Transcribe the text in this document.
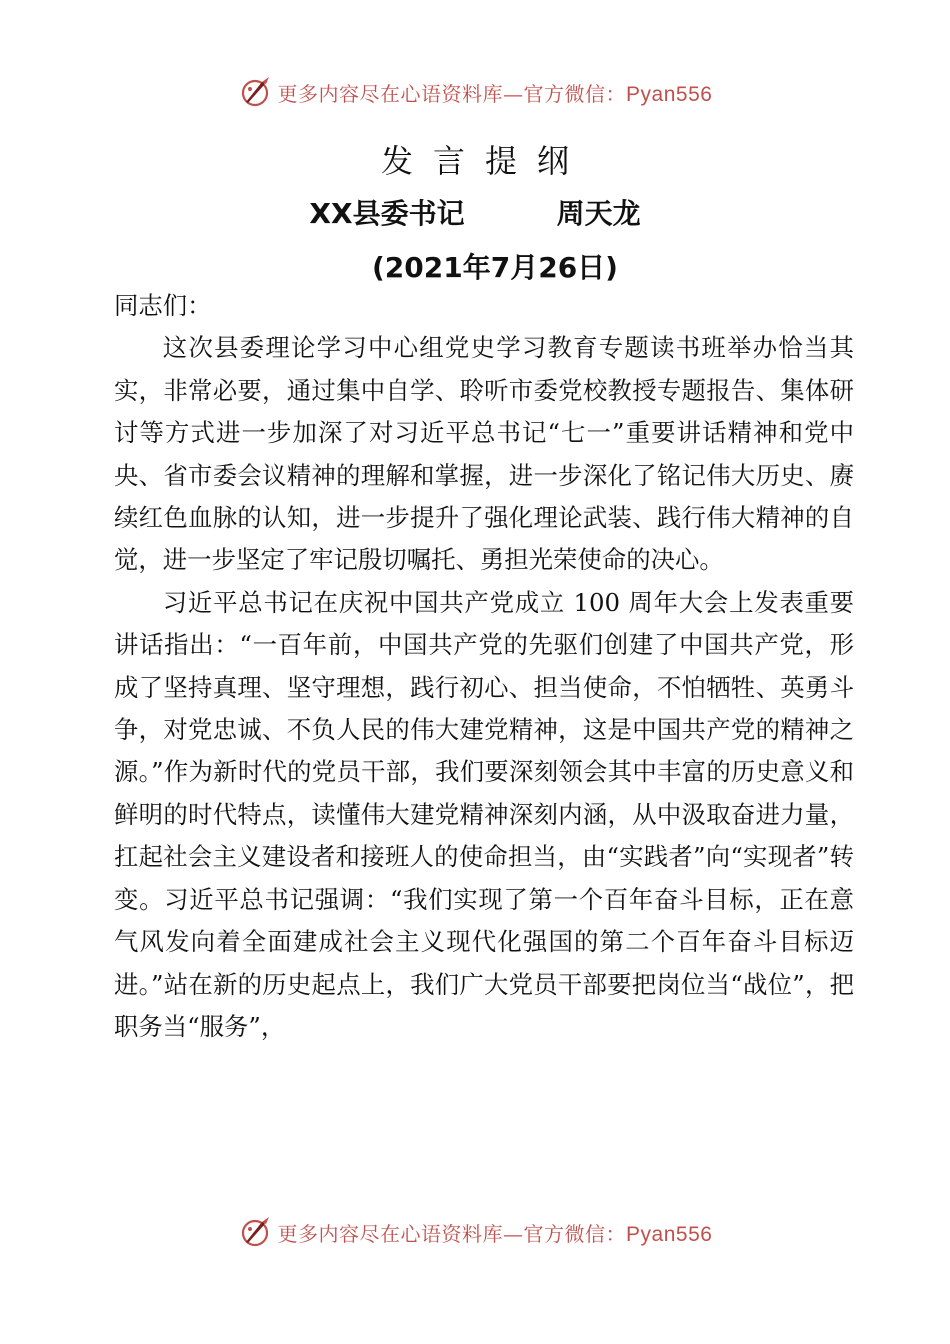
更多内容尽在心语资料库—官方微信：Pyan556
发言提纲
XX县委书记	周天龙
(2021年7月26日)

同志们：

这次县委理论学习中心组党史学习教育专题读书班举办恰当其实，非常必要，通过集中自学、聆听市委党校教授专题报告、集体研讨等方式进一步加深了对习近平总书记“七一”重要讲话精神和党中央、省市委会议精神的理解和掌握，进一步深化了铭记伟大历史、赓续红色血脉的认知，进一步提升了强化理论武装、践行伟大精神的自觉，进一步坚定了牢记殷切嘱托、勇担光荣使命的决心。

习近平总书记在庆祝中国共产党成立 100 周年大会上发表重要讲话指出：“一百年前，中国共产党的先驱们创建了中国共产党，形成了坚持真理、坚守理想，践行初心、担当使命，不怕牺牲、英勇斗争，对党忠诚、不负人民的伟大建党精神，这是中国共产党的精神之源。”作为新时代的党员干部，我们要深刻领会其中丰富的历史意义和鲜明的时代特点，读懂伟大建党精神深刻内涵，从中汲取奋进力量，扛起社会主义建设者和接班人的使命担当，由“实践者”向“实现者”转变。习近平总书记强调：“我们实现了第一个百年奋斗目标，正在意气风发向着全面建成社会主义现代化强国的第二个百年奋斗目标迈进。”站在新的历史起点上，我们广大党员干部要把岗位当“战位”，把职务当“服务”，

更多内容尽在心语资料库—官方微信：Pyan556
